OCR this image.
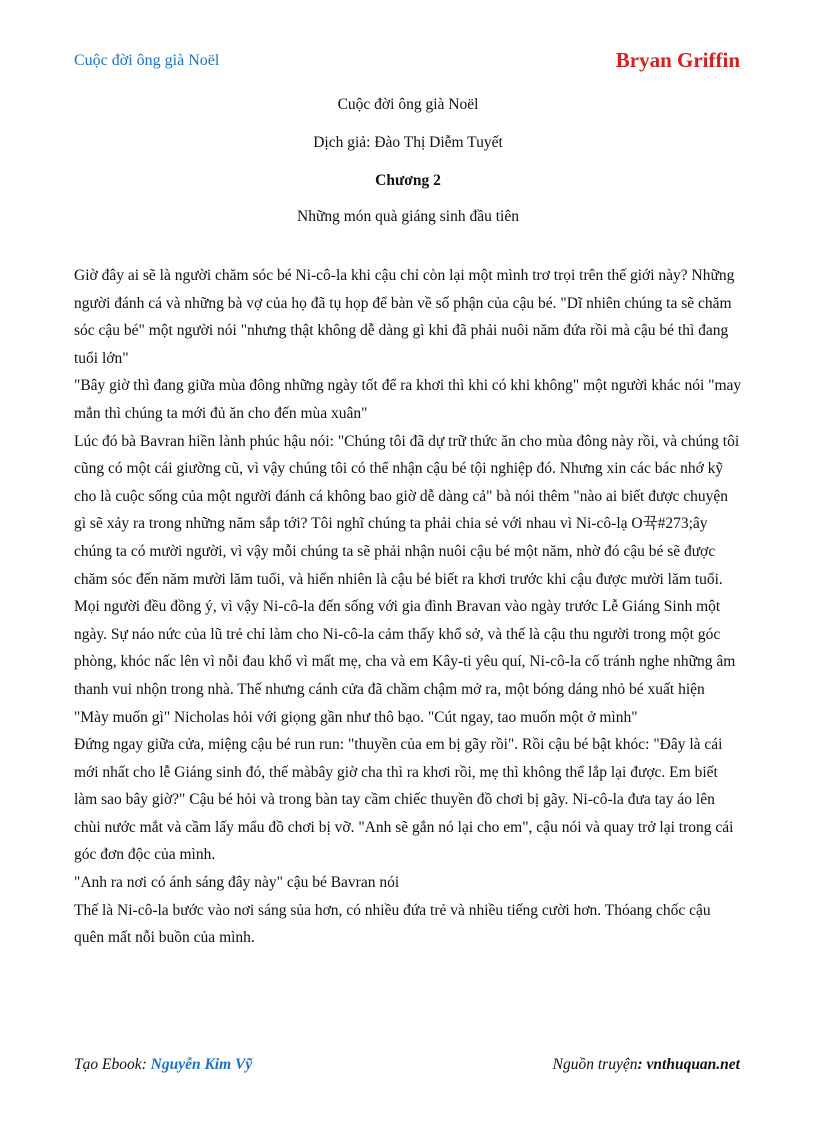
Cuộc đời ông già Noël	Bryan Griffin
Cuộc đời ông già Noël
Dịch giả: Đào Thị Diễm Tuyết
Chương 2
Những món quà giáng sinh đầu tiên

Giờ đây ai sẽ là người chăm sóc bé Ni-cô-la khi cậu chỉ còn lại một mình trơ trọi trên thế giới này? Những người đánh cá và những bà vợ của họ đã tụ họp để bàn về số phận của cậu bé. "Dĩ nhiên chúng ta sẽ chăm sóc cậu bé" một người nói "nhưng thật không dễ dàng gì khi đã phải nuôi năm đứa rồi mà cậu bé thì đang tuổi lớn"

"Bây giờ thì đang giữa mùa đông những ngày tốt để ra khơi thì khi có khi không" một người khác nói "may mắn thì chúng ta mới đủ ăn cho đến mùa xuân"

Lúc đó bà Bavran hiền lành phúc hậu nói: "Chúng tôi đã dự trữ thức ăn cho mùa đông này rồi, và chúng tôi cũng có một cái giường cũ, vì vậy chúng tôi có thể nhận cậu bé tội nghiệp đó. Nhưng xin các bác nhớ kỹ cho là cuộc sống của một người đánh cá không bao giờ dễ dàng cả" bà nói thêm "nào ai biết được chuyện gì sẽ xảy ra trong những năm sắp tới? Tôi nghĩ chúng ta phải chia sẻ với nhau vì Ni-cô-lạ O뀩#273;ây chúng ta có mười người, vì vậy mỗi chúng ta sẽ phải nhận nuôi cậu bé một năm, nhờ đó cậu bé sẽ được chăm sóc đến năm mười lăm tuổi, và hiển nhiên là cậu bé biết ra khơi trước khi cậu được mười lăm tuổi.

Mọi người đều đồng ý, vì vậy Ni-cô-la đến sống với gia đình Bravan vào ngày trước Lễ Giáng Sinh một ngày. Sự náo nức của lũ trẻ chỉ làm cho Ni-cô-la cảm thấy khổ sở, và thế là cậu thu người trong một góc phòng, khóc nấc lên vì nỗi đau khổ vì mất mẹ, cha và em Kây-ti yêu quí, Ni-cô-la cố tránh nghe những âm thanh vui nhộn trong nhà. Thế nhưng cánh cửa đã chầm chậm mở ra, một bóng dáng nhỏ bé xuất hiện

"Mày muốn gì" Nicholas hỏi với giọng gần như thô bạo. "Cút ngay, tao muốn một ở mình"

Đứng ngay giữa cửa, miệng cậu bé run run: "thuyền của em bị gãy rồi". Rồi cậu bé bật khóc: "Đây là cái mới nhất cho lễ Giáng sinh đó, thế màbây giờ cha thì ra khơi rồi, mẹ thì không thể lắp lại được. Em biết làm sao bây giờ?" Cậu bé hỏi và trong bàn tay cầm chiếc thuyền đồ chơi bị gãy. Ni-cô-la đưa tay áo lên chùi nước mắt và cầm lấy mẩu đồ chơi bị vỡ. "Anh sẽ gắn nó lại cho em", cậu nói và quay trở lại trong cái góc đơn độc của mình.

"Anh ra nơi có ánh sáng đây này" cậu bé Bavran nói

Thế là Ni-cô-la bước vào nơi sáng sủa hơn, có nhiều đứa trẻ và nhiều tiếng cười hơn. Thóang chốc cậu quên mất nỗi buồn của mình.

Tạo Ebook: Nguyễn Kim Vỹ	Nguồn truyện: vnthuquan.net
